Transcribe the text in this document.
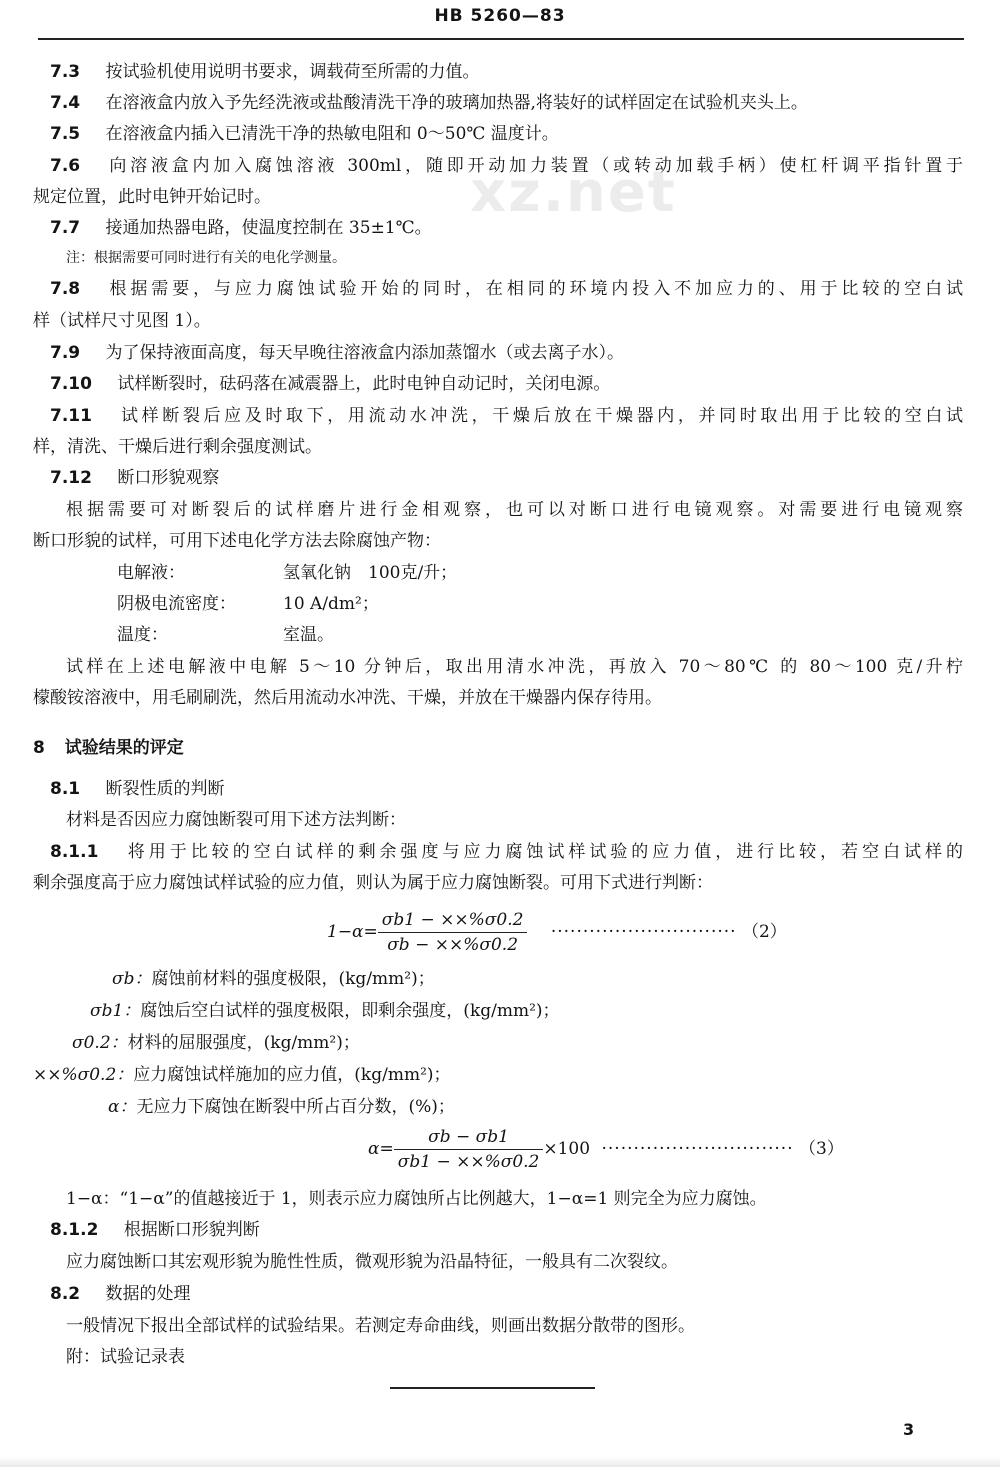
HB 5260—83
xz.net
7.3 按试验机使用说明书要求，调载荷至所需的力值。
7.4 在溶液盒内放入予先经洗液或盐酸清洗干净的玻璃加热器,将装好的试样固定在试验机夹头上。
7.5 在溶液盒内插入已清洗干净的热敏电阻和 0～50℃ 温度计。
7.6 向溶液盒内加入腐蚀溶液 300ml，随即开动加力装置（或转动加载手柄）使杠杆调平指针置于
规定位置，此时电钟开始记时。
7.7 接通加热器电路，使温度控制在 35±1℃。
注：根据需要可同时进行有关的电化学测量。
7.8 根据需要，与应力腐蚀试验开始的同时，在相同的环境内投入不加应力的、用于比较的空白试
样（试样尺寸见图 1）。
7.9 为了保持液面高度，每天早晚往溶液盒内添加蒸馏水（或去离子水）。
7.10 试样断裂时，砝码落在减震器上，此时电钟自动记时，关闭电源。
7.11 试样断裂后应及时取下，用流动水冲洗，干燥后放在干燥器内，并同时取出用于比较的空白试
样，清洗、干燥后进行剩余强度测试。
7.12 断口形貌观察
根据需要可对断裂后的试样磨片进行金相观察，也可以对断口进行电镜观察。对需要进行电镜观察
断口形貌的试样，可用下述电化学方法去除腐蚀产物：
电解液：	氢氧化钠　100克/升；
阴极电流密度：	10 A/dm²；
温度：	室温。
试样在上述电解液中电解 5～10 分钟后，取出用清水冲洗，再放入 70～80℃ 的 80～100 克/升柠
檬酸铵溶液中，用毛刷刷洗，然后用流动水冲洗、干燥，并放在干燥器内保存待用。
8 试验结果的评定
8.1 断裂性质的判断
材料是否因应力腐蚀断裂可用下述方法判断：
8.1.1 将用于比较的空白试样的剩余强度与应力腐蚀试样试验的应力值，进行比较，若空白试样的
剩余强度高于应力腐蚀试样试验的应力值，则认为属于应力腐蚀断裂。可用下式进行判断：
$1-\alpha= \frac{\sigma b1 - \times\times\%\sigma 0.2}{\sigma b - \times\times\%\sigma 0.2}$ ····························· （2）
σb：腐蚀前材料的强度极限，(kg/mm²)；
σb1：腐蚀后空白试样的强度极限，即剩余强度，(kg/mm²)；
σ0.2：材料的屈服强度，(kg/mm²)；
××%σ0.2：应力腐蚀试样施加的应力值，(kg/mm²)；
α：无应力下腐蚀在断裂中所占百分数，(%)；
$\alpha= \frac{\sigma b - \sigma b1}{\sigma b1 - \times\times\%\sigma 0.2} \times 100$ ······························ （3）
1−α：“1−α”的值越接近于 1，则表示应力腐蚀所占比例越大，1−α=1 则完全为应力腐蚀。
8.1.2 根据断口形貌判断
应力腐蚀断口其宏观形貌为脆性性质，微观形貌为沿晶特征，一般具有二次裂纹。
8.2 数据的处理
一般情况下报出全部试样的试验结果。若测定寿命曲线，则画出数据分散带的图形。
附：试验记录表
3
